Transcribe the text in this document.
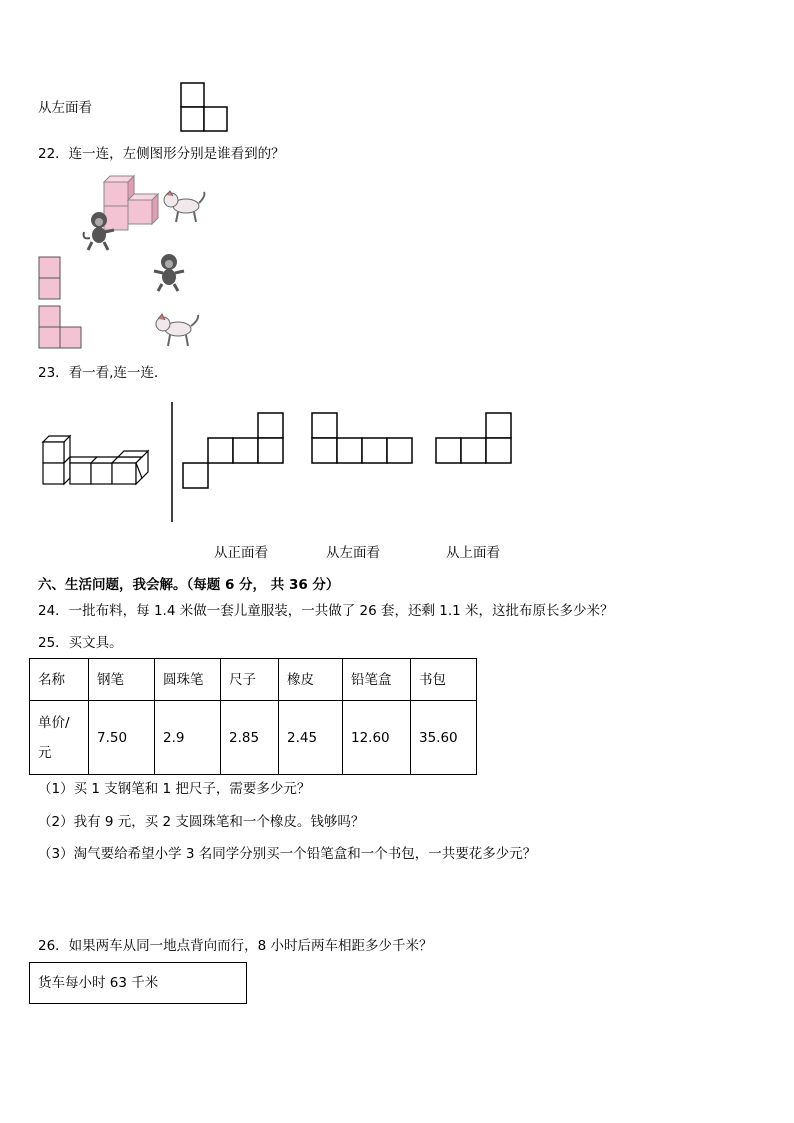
从左面看
22．连一连，左侧图形分别是谁看到的？
23．看一看,连一连．
从正面看	从左面看	从上面看
六、生活问题，我会解。（每题 6 分， 共 36 分）
24．一批布料，每 1.4 米做一套儿童服装，一共做了 26 套，还剩 1.1 米，这批布原长多少米？
25．买文具。
名称	钢笔	圆珠笔	尺子	橡皮	铅笔盒	书包

单价/
元	7.50	2.9	2.85	2.45	12.60	35.60
（1）买 1 支钢笔和 1 把尺子，需要多少元？
（2）我有 9 元，买 2 支圆珠笔和一个橡皮。钱够吗？
（3）淘气要给希望小学 3 名同学分别买一个铅笔盒和一个书包，一共要花多少元？
26．如果两车从同一地点背向而行，8 小时后两车相距多少千米？
货车每小时 63 千米
